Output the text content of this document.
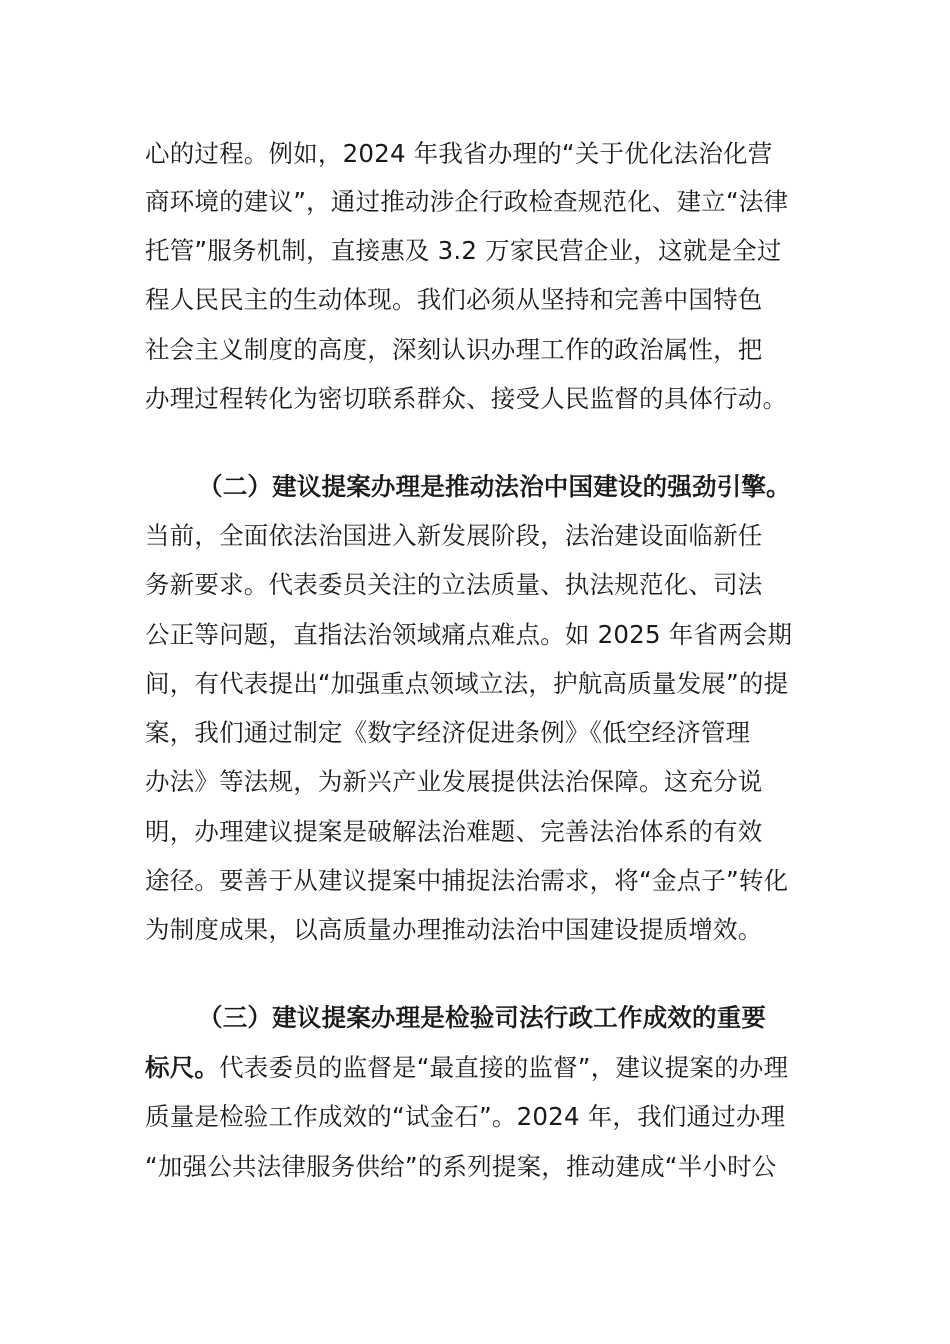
心的过程。例如，2024 年我省办理的“关于优化法治化营
商环境的建议”，通过推动涉企行政检查规范化、建立“法律
托管”服务机制，直接惠及 3.2 万家民营企业，这就是全过
程人民民主的生动体现。我们必须从坚持和完善中国特色
社会主义制度的高度，深刻认识办理工作的政治属性，把
办理过程转化为密切联系群众、接受人民监督的具体行动。
（二）建议提案办理是推动法治中国建设的强劲引擎。
当前，全面依法治国进入新发展阶段，法治建设面临新任
务新要求。代表委员关注的立法质量、执法规范化、司法
公正等问题，直指法治领域痛点难点。如 2025 年省两会期
间，有代表提出“加强重点领域立法，护航高质量发展”的提
案，我们通过制定《数字经济促进条例》《低空经济管理
办法》等法规，为新兴产业发展提供法治保障。这充分说
明，办理建议提案是破解法治难题、完善法治体系的有效
途径。要善于从建议提案中捕捉法治需求，将“金点子”转化
为制度成果，以高质量办理推动法治中国建设提质增效。
（三）建议提案办理是检验司法行政工作成效的重要
标尺。代表委员的监督是“最直接的监督”，建议提案的办理
质量是检验工作成效的“试金石”。2024 年，我们通过办理
“加强公共法律服务供给”的系列提案，推动建成“半小时公
